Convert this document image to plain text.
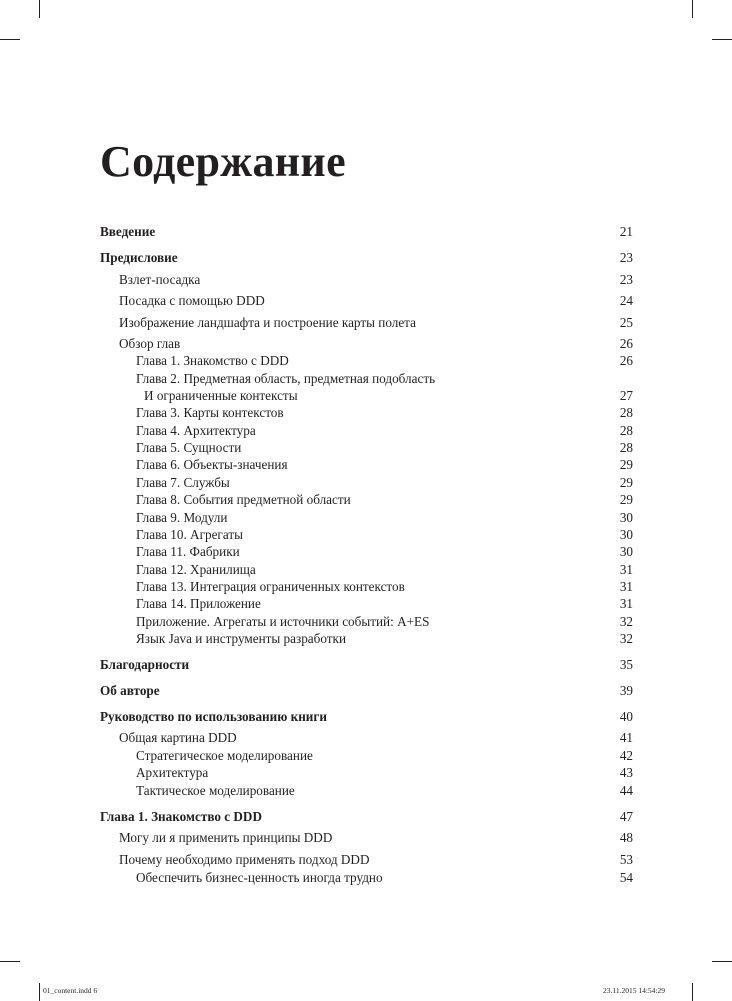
Содержание
Введение	21
Предисловие	23
Взлет-посадка	23
Посадка с помощью DDD	24
Изображение ландшафта и построение карты полета	25
Обзор глав	26
Глава 1. Знакомство с DDD	26
Глава 2. Предметная область, предметная подобласть
И ограниченные контексты	27
Глава 3. Карты контекстов	28
Глава 4. Архитектура	28
Глава 5. Сущности	28
Глава 6. Объекты-значения	29
Глава 7. Службы	29
Глава 8. События предметной области	29
Глава 9. Модули	30
Глава 10. Агрегаты	30
Глава 11. Фабрики	30
Глава 12. Хранилища	31
Глава 13. Интеграция ограниченных контекстов	31
Глава 14. Приложение	31
Приложение. Агрегаты и источники событий: A+ES	32
Язык Java и инструменты разработки	32
Благодарности	35
Об авторе	39
Руководство по использованию книги	40
Общая картина DDD	41
Стратегическое моделирование	42
Архитектура	43
Тактическое моделирование	44
Глава 1. Знакомство с DDD	47
Могу ли я применить принципы DDD	48
Почему необходимо применять подход DDD	53
Обеспечить бизнес-ценность иногда трудно	54
01_content.indd 6	23.11.2015 14:54:29
